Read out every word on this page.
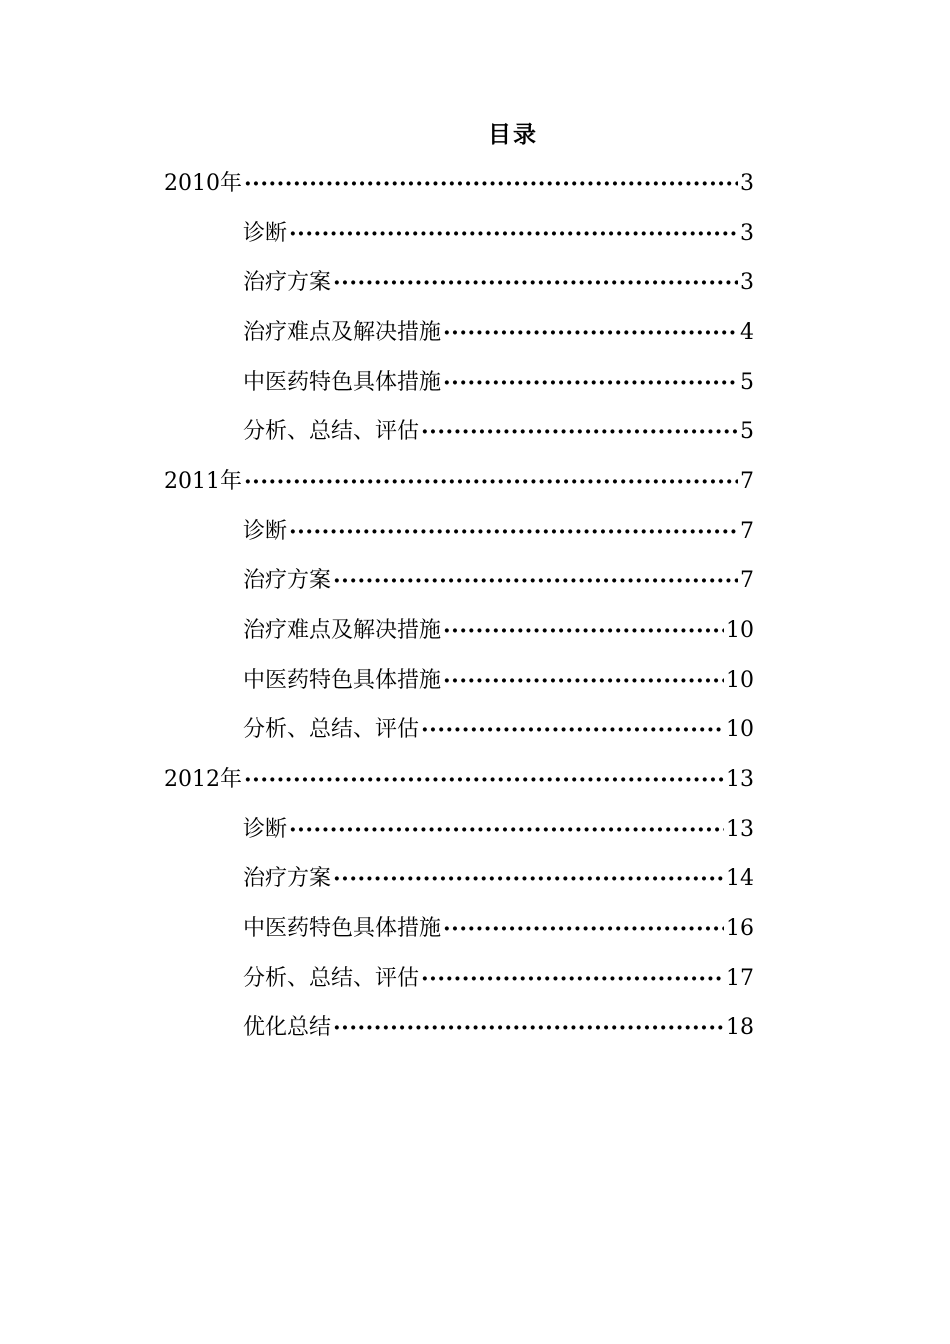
目录
2010年 ·····	3
诊断 ·····	3
治疗方案 ·····	3
治疗难点及解决措施 ·····	4
中医药特色具体措施 ·····	5
分析、总结、评估 ·····	5
2011年 ·····	7
诊断 ·····	7
治疗方案 ·····	7
治疗难点及解决措施 ·····	10
中医药特色具体措施 ·····	10
分析、总结、评估 ·····	10
2012年 ·····	13
诊断 ·····	13
治疗方案 ·····	14
中医药特色具体措施 ·····	16
分析、总结、评估 ·····	17
优化总结 ·····	18
